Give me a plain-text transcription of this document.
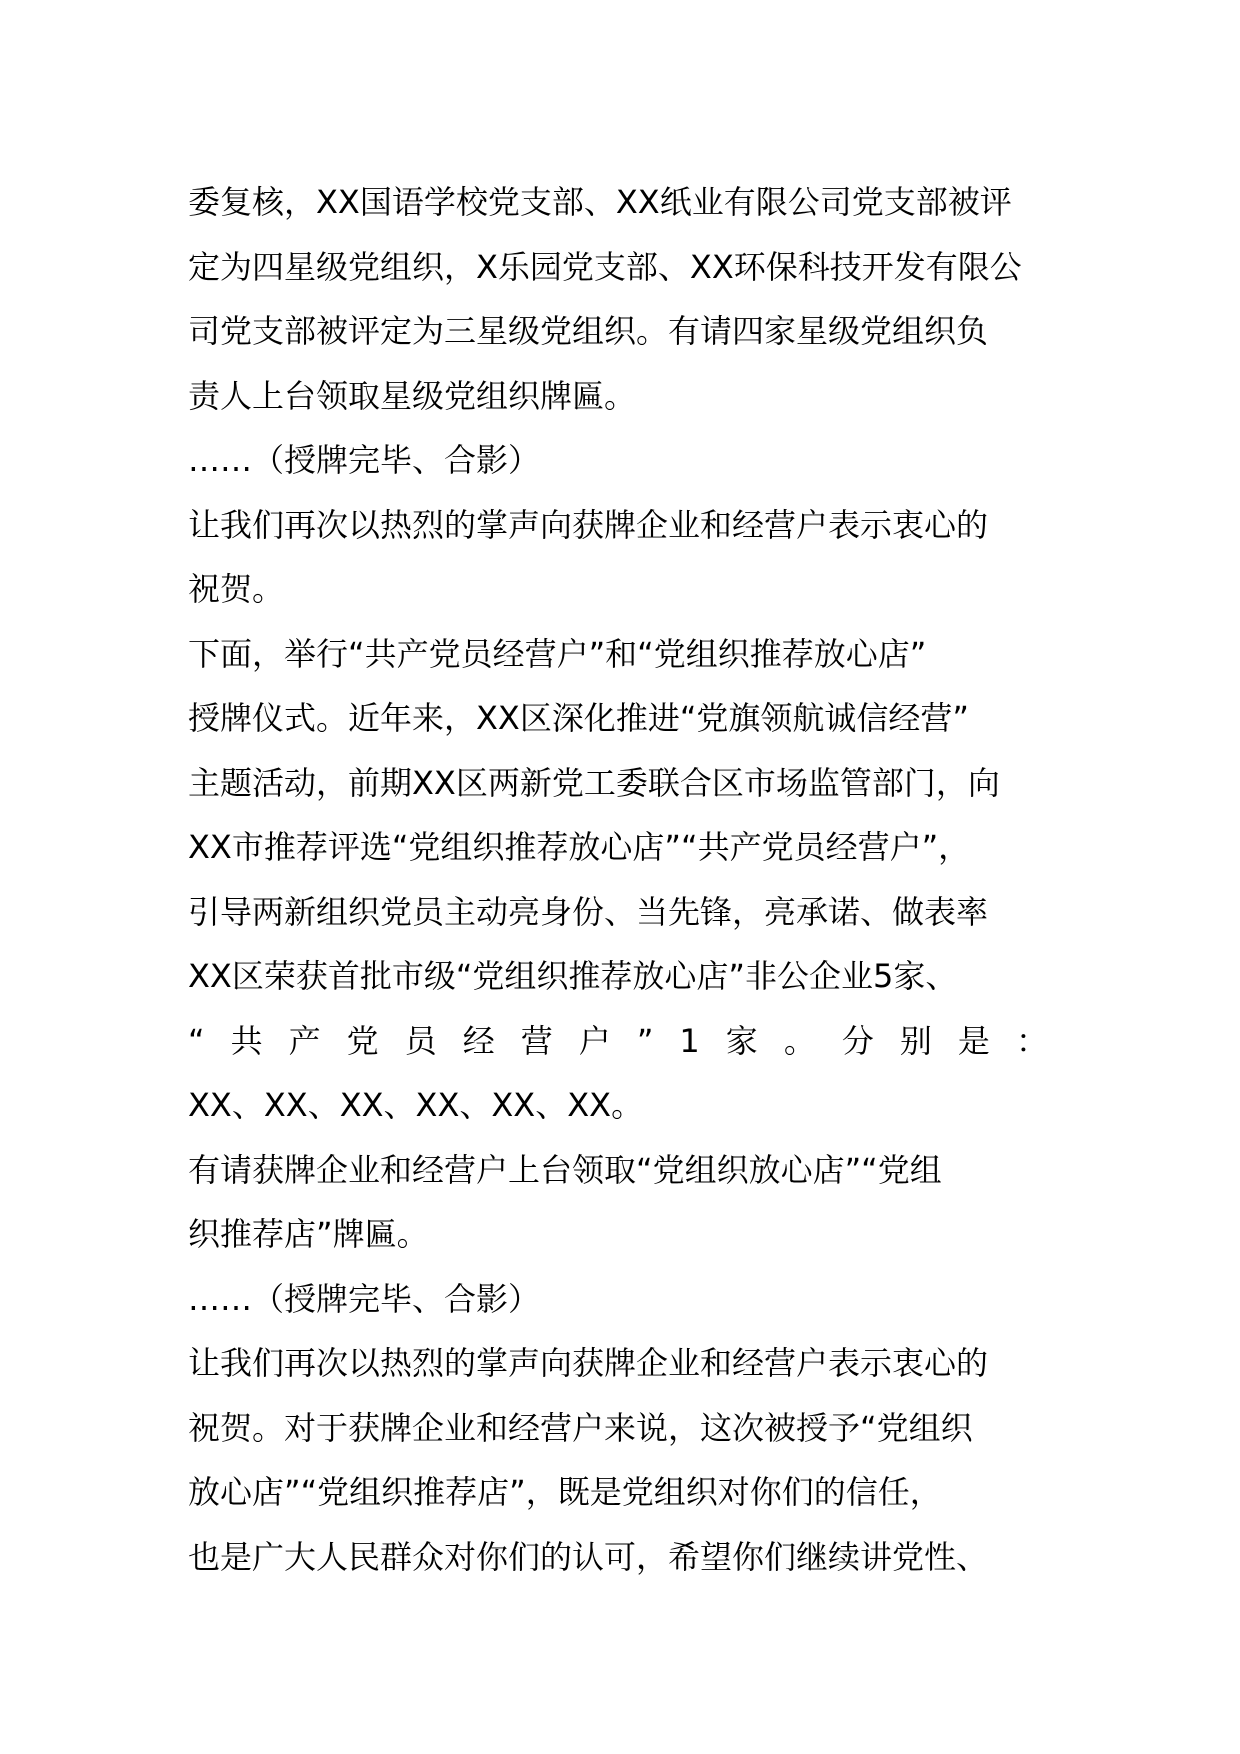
委复核，XX国语学校党支部、XX纸业有限公司党支部被评
定为四星级党组织，X乐园党支部、XX环保科技开发有限公
司党支部被评定为三星级党组织。有请四家星级党组织负
责人上台领取星级党组织牌匾。
……（授牌完毕、合影）
让我们再次以热烈的掌声向获牌企业和经营户表示衷心的
祝贺。
下面，举行“共产党员经营户”和“党组织推荐放心店”
授牌仪式。近年来，XX区深化推进“党旗领航诚信经营”
主题活动，前期XX区两新党工委联合区市场监管部门，向
XX市推荐评选“党组织推荐放心店”“共产党员经营户”，
引导两新组织党员主动亮身份、当先锋，亮承诺、做表率
XX区荣获首批市级“党组织推荐放心店”非公企业5家、
“ 共 产 党 员 经 营 户 ” 1 家 。 分 别 是 ：
XX、XX、XX、XX、XX、XX。
有请获牌企业和经营户上台领取“党组织放心店”“党组
织推荐店”牌匾。
……（授牌完毕、合影）
让我们再次以热烈的掌声向获牌企业和经营户表示衷心的
祝贺。对于获牌企业和经营户来说，这次被授予“党组织
放心店”“党组织推荐店”，既是党组织对你们的信任，
也是广大人民群众对你们的认可，希望你们继续讲党性、
